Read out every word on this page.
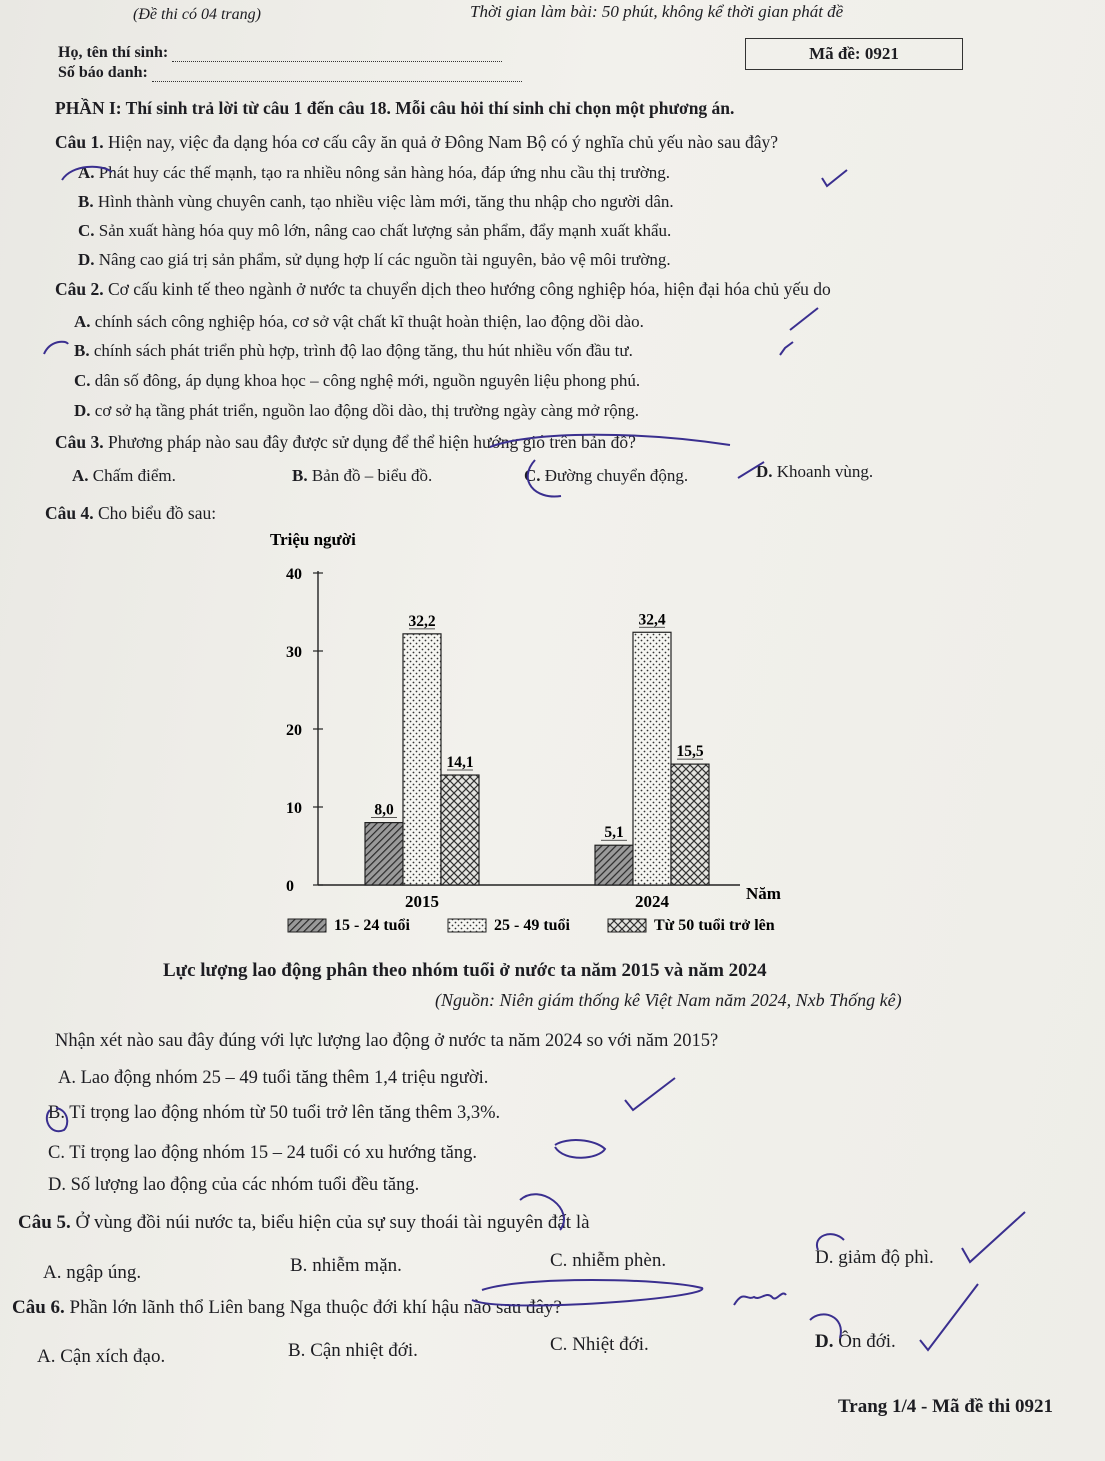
(Đề thi có 04 trang)	Thời gian làm bài: 50 phút, không kể thời gian phát đề
Họ, tên thí sinh:
Số báo danh:
Mã đề: 0921
PHẦN I: Thí sinh trả lời từ câu 1 đến câu 18. Mỗi câu hỏi thí sinh chỉ chọn một phương án.
Câu 1. Hiện nay, việc đa dạng hóa cơ cấu cây ăn quả ở Đông Nam Bộ có ý nghĩa chủ yếu nào sau đây?
A. Phát huy các thế mạnh, tạo ra nhiều nông sản hàng hóa, đáp ứng nhu cầu thị trường.
B. Hình thành vùng chuyên canh, tạo nhiều việc làm mới, tăng thu nhập cho người dân.
C. Sản xuất hàng hóa quy mô lớn, nâng cao chất lượng sản phẩm, đẩy mạnh xuất khẩu.
D. Nâng cao giá trị sản phẩm, sử dụng hợp lí các nguồn tài nguyên, bảo vệ môi trường.
Câu 2. Cơ cấu kinh tế theo ngành ở nước ta chuyển dịch theo hướng công nghiệp hóa, hiện đại hóa chủ yếu do
A. chính sách công nghiệp hóa, cơ sở vật chất kĩ thuật hoàn thiện, lao động dồi dào.
B. chính sách phát triển phù hợp, trình độ lao động tăng, thu hút nhiều vốn đầu tư.
C. dân số đông, áp dụng khoa học – công nghệ mới, nguồn nguyên liệu phong phú.
D. cơ sở hạ tầng phát triển, nguồn lao động dồi dào, thị trường ngày càng mở rộng.
Câu 3. Phương pháp nào sau đây được sử dụng để thể hiện hướng gió trên bản đồ?
A. Chấm điểm.	B. Bản đồ – biểu đồ.	C. Đường chuyển động.	D. Khoanh vùng.
Câu 4. Cho biểu đồ sau:
Triệu người
Năm
0
10
20
30
40
8,0
32,2
14,1
2015
5,1
32,4
15,5
2024
15 - 24 tuổi	25 - 49 tuổi	Từ 50 tuổi trở lên
Lực lượng lao động phân theo nhóm tuổi ở nước ta năm 2015 và năm 2024
(Nguồn: Niên giám thống kê Việt Nam năm 2024, Nxb Thống kê)
Nhận xét nào sau đây đúng với lực lượng lao động ở nước ta năm 2024 so với năm 2015?
A. Lao động nhóm 25 – 49 tuổi tăng thêm 1,4 triệu người.
B. Tỉ trọng lao động nhóm từ 50 tuổi trở lên tăng thêm 3,3%.
C. Tỉ trọng lao động nhóm 15 – 24 tuổi có xu hướng tăng.
D. Số lượng lao động của các nhóm tuổi đều tăng.
Câu 5. Ở vùng đồi núi nước ta, biểu hiện của sự suy thoái tài nguyên đất là
A. ngập úng.	B. nhiễm mặn.	C. nhiễm phèn.	D. giảm độ phì.
Câu 6. Phần lớn lãnh thổ Liên bang Nga thuộc đới khí hậu nào sau đây?
A. Cận xích đạo.	B. Cận nhiệt đới.	C. Nhiệt đới.	D. Ôn đới.
Trang 1/4 - Mã đề thi 0921
